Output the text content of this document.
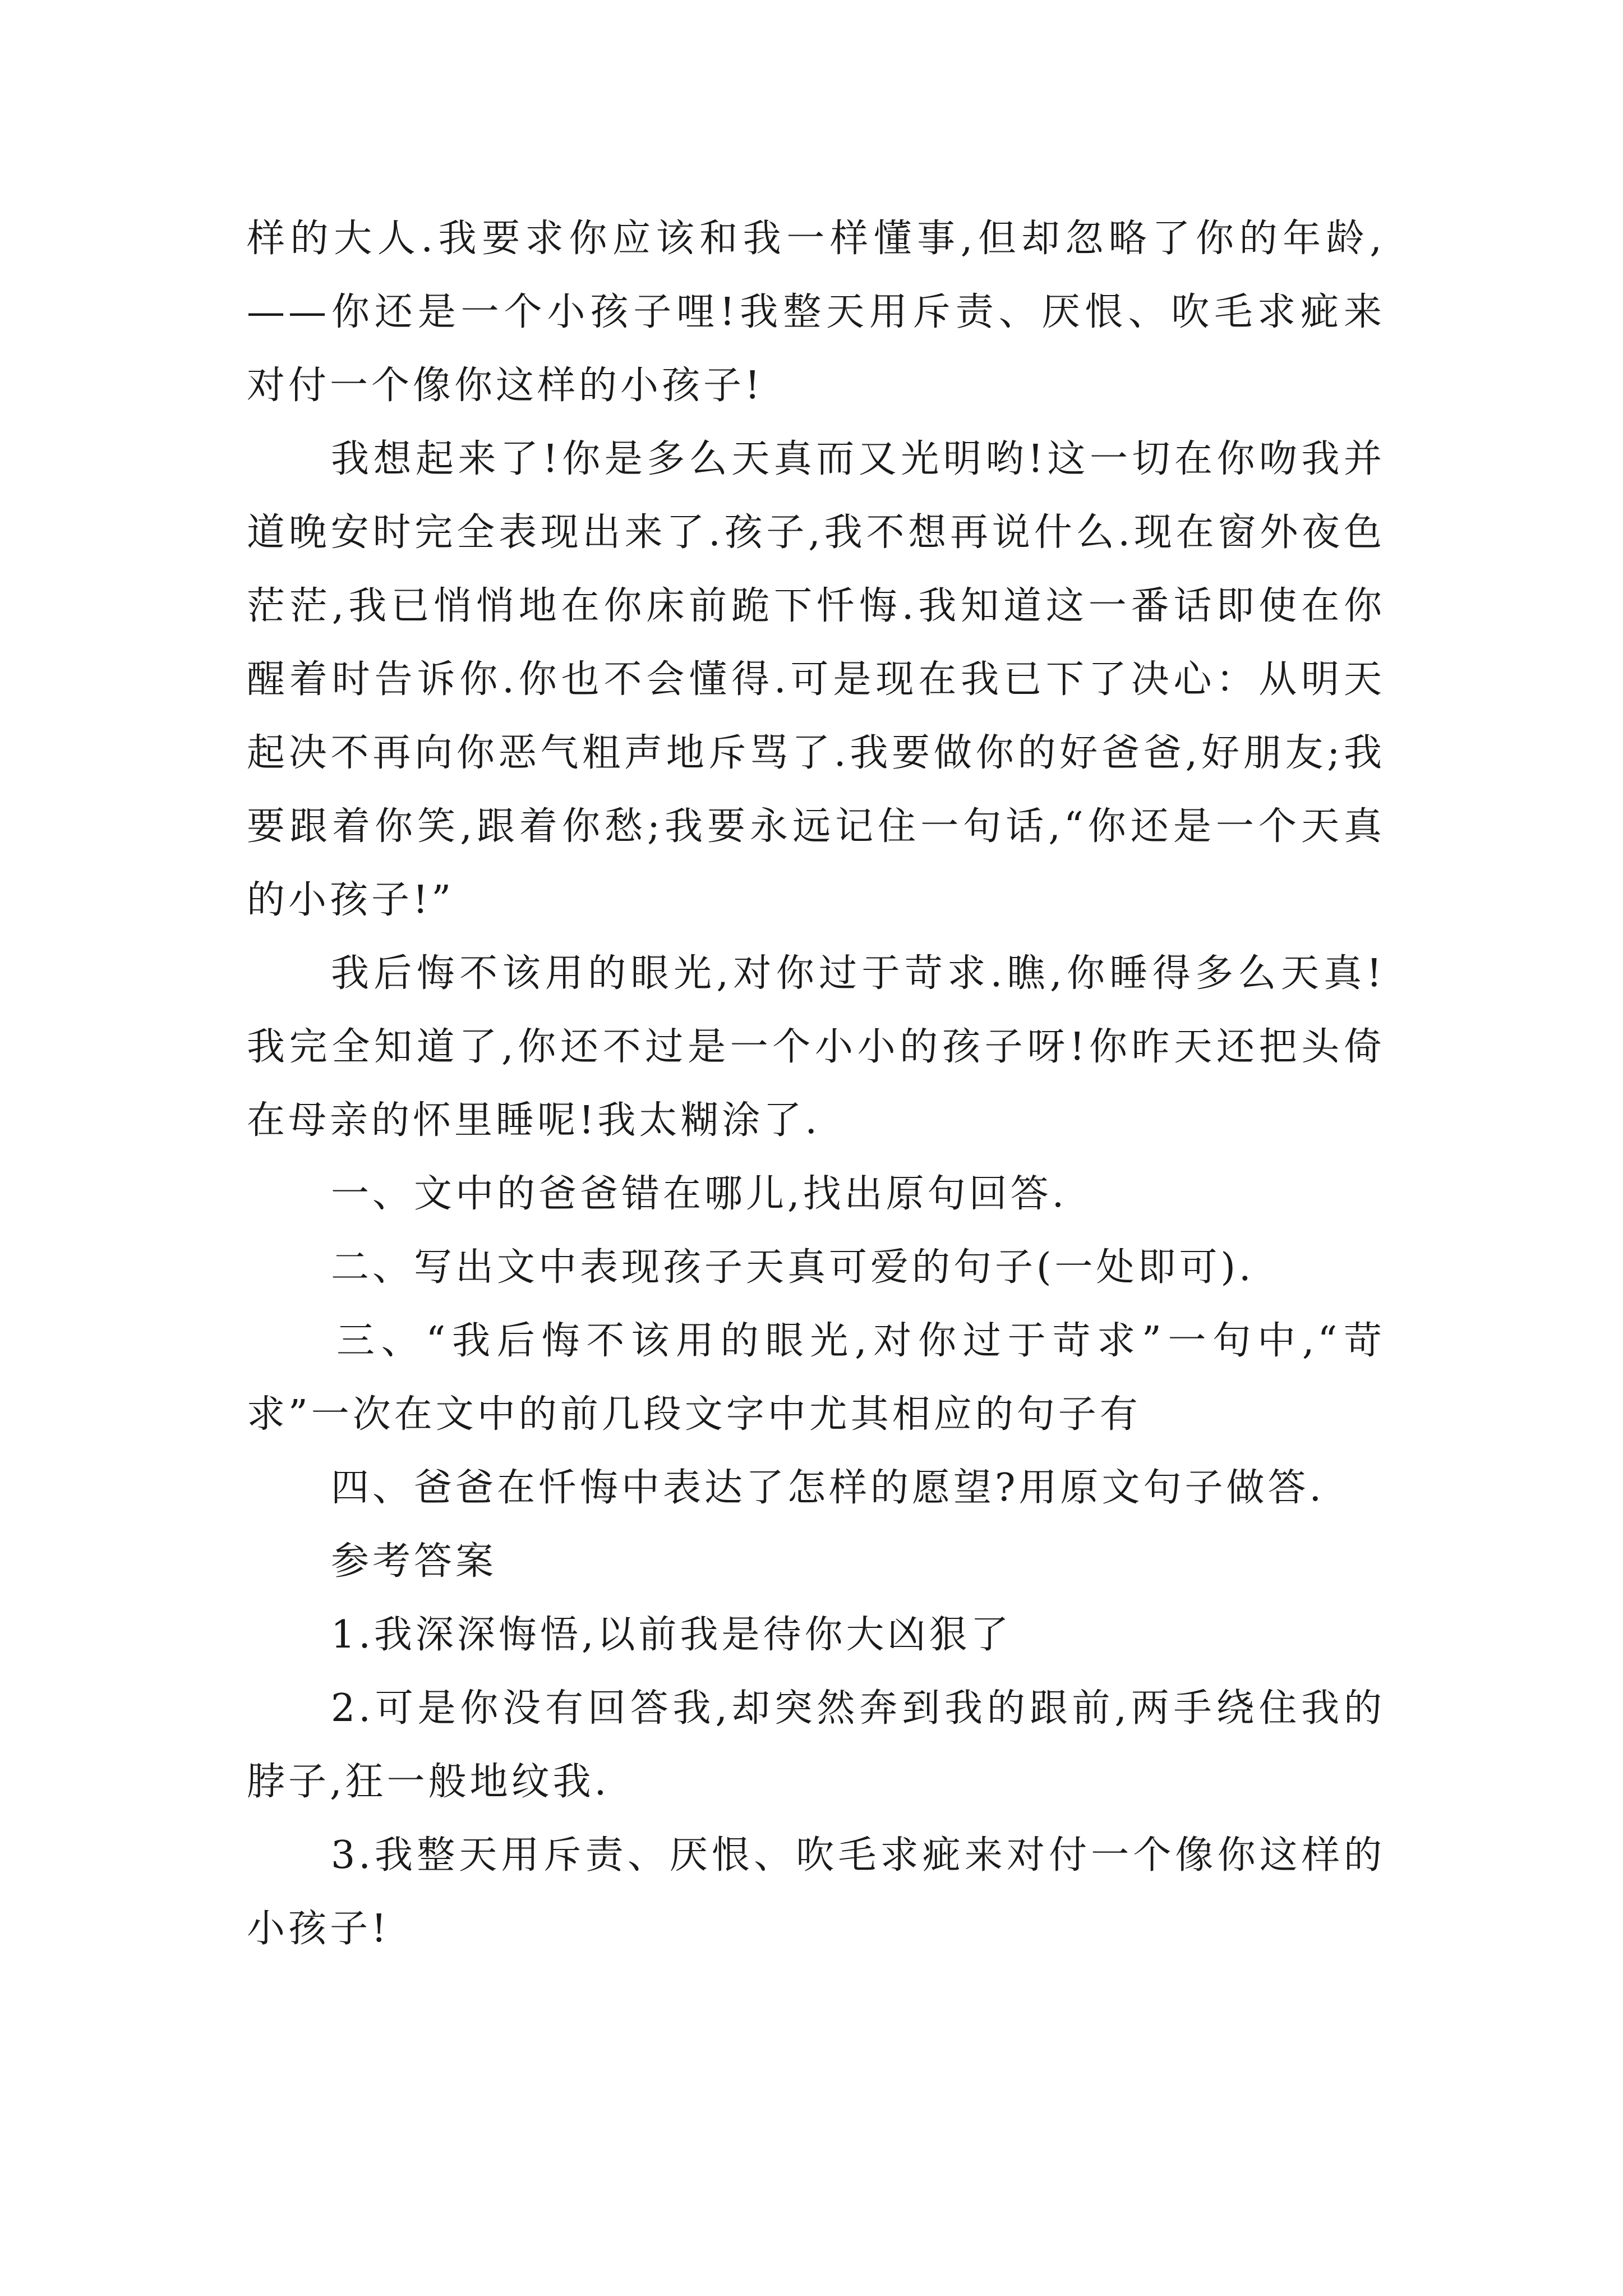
样的大人.我要求你应该和我一样懂事,但却忽略了你的年龄,——你还是一个小孩子哩!我整天用斥责、厌恨、吹毛求疵来对付一个像你这样的小孩子!

我想起来了!你是多么天真而又光明哟!这一切在你吻我并道晚安时完全表现出来了.孩子,我不想再说什么.现在窗外夜色茫茫,我已悄悄地在你床前跪下忏悔.我知道这一番话即使在你醒着时告诉你.你也不会懂得.可是现在我已下了决心：从明天起决不再向你恶气粗声地斥骂了.我要做你的好爸爸,好朋友;我要跟着你笑,跟着你愁;我要永远记住一句话,“你还是一个天真的小孩子!”

我后悔不该用的眼光,对你过于苛求.瞧,你睡得多么天真!我完全知道了,你还不过是一个小小的孩子呀!你昨天还把头倚在母亲的怀里睡呢!我太糊涂了.

一、文中的爸爸错在哪儿,找出原句回答.

二、写出文中表现孩子天真可爱的句子(一处即可).

三、“我后悔不该用的眼光,对你过于苛求”一句中,“苛求”一次在文中的前几段文字中尤其相应的句子有

四、爸爸在忏悔中表达了怎样的愿望?用原文句子做答.

参考答案

1.我深深悔悟,以前我是待你大凶狠了

2.可是你没有回答我,却突然奔到我的跟前,两手绕住我的脖子,狂一般地纹我.

3.我整天用斥责、厌恨、吹毛求疵来对付一个像你这样的小孩子!
